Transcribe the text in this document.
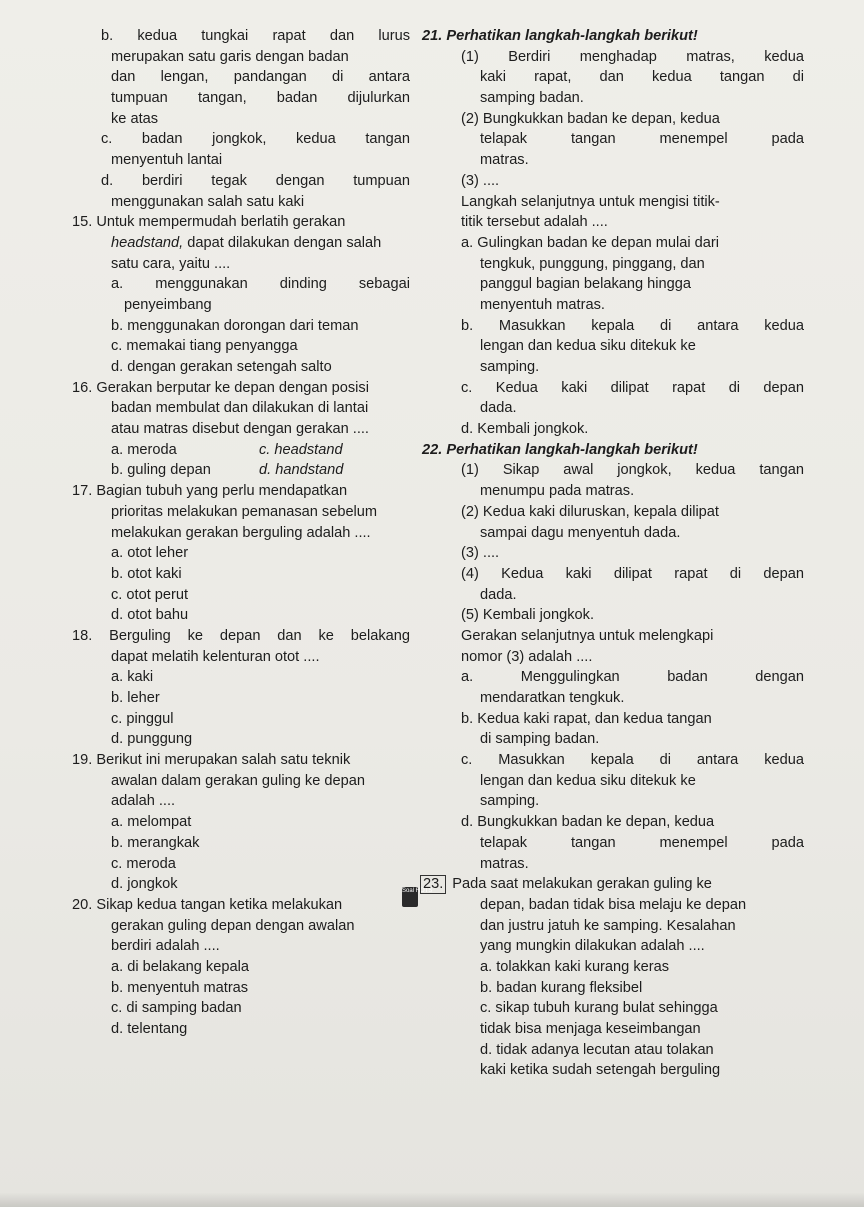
b. kedua tungkai rapat dan lurus
merupakan satu garis dengan badan
dan lengan, pandangan di antara
tumpuan tangan, badan dijulurkan
ke atas
c. badan jongkok, kedua tangan
menyentuh lantai
d. berdiri tegak dengan tumpuan
menggunakan salah satu kaki
15. Untuk mempermudah berlatih gerakan
headstand, dapat dilakukan dengan salah
satu cara, yaitu ....
a. menggunakan dinding sebagai
penyeimbang
b. menggunakan dorongan dari teman
c. memakai tiang penyangga
d. dengan gerakan setengah salto
16. Gerakan berputar ke depan dengan posisi
badan membulat dan dilakukan di lantai
atau matras disebut dengan gerakan ....
a. meroda	c. headstand
b. guling depan	d. handstand
17. Bagian tubuh yang perlu mendapatkan
prioritas melakukan pemanasan sebelum
melakukan gerakan berguling adalah ....
a. otot leher
b. otot kaki
c. otot perut
d. otot bahu
18. Berguling ke depan dan ke belakang
dapat melatih kelenturan otot ....
a. kaki
b. leher
c. pinggul
d. punggung
19. Berikut ini merupakan salah satu teknik
awalan dalam gerakan guling ke depan
adalah ....
a. melompat
b. merangkak
c. meroda
d. jongkok
20. Sikap kedua tangan ketika melakukan
gerakan guling depan dengan awalan
berdiri adalah ....
a. di belakang kepala
b. menyentuh matras
c. di samping badan
d. telentang
21. Perhatikan langkah-langkah berikut!
(1) Berdiri menghadap matras, kedua
kaki rapat, dan kedua tangan di
samping badan.
(2) Bungkukkan badan ke depan, kedua
telapak tangan menempel pada
matras.
(3) ....
Langkah selanjutnya untuk mengisi titik-
titik tersebut adalah ....
a. Gulingkan badan ke depan mulai dari
tengkuk, punggung, pinggang, dan
panggul bagian belakang hingga
menyentuh matras.
b. Masukkan kepala di antara kedua
lengan dan kedua siku ditekuk ke
samping.
c. Kedua kaki dilipat rapat di depan
dada.
d. Kembali jongkok.
22. Perhatikan langkah-langkah berikut!
(1) Sikap awal jongkok, kedua tangan
menumpu pada matras.
(2) Kedua kaki diluruskan, kepala dilipat
sampai dagu menyentuh dada.
(3) ....
(4) Kedua kaki dilipat rapat di depan
dada.
(5) Kembali jongkok.
Gerakan selanjutnya untuk melengkapi
nomor (3) adalah ....
a. Menggulingkan badan dengan
mendaratkan tengkuk.
b. Kedua kaki rapat, dan kedua tangan
di samping badan.
c. Masukkan kepala di antara kedua
lengan dan kedua siku ditekuk ke
samping.
d. Bungkukkan badan ke depan, kedua
telapak tangan menempel pada
matras.
Soal HOTS23. Pada saat melakukan gerakan guling ke
depan, badan tidak bisa melaju ke depan
dan justru jatuh ke samping. Kesalahan
yang mungkin dilakukan adalah ....
a. tolakkan kaki kurang keras
b. badan kurang fleksibel
c. sikap tubuh kurang bulat sehingga
tidak bisa menjaga keseimbangan
d. tidak adanya lecutan atau tolakan
kaki ketika sudah setengah berguling
